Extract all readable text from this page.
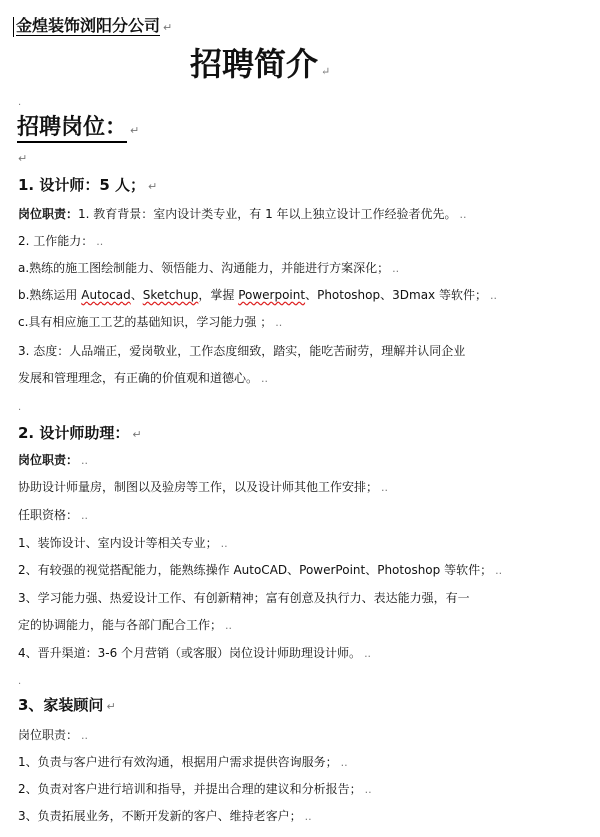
金煌装饰浏阳分公司 ↵
招聘简介 ↵
.
招聘岗位： ↵
↵
1. 设计师：5 人； ↵
岗位职责：1. 教育背景：室内设计类专业，有 1 年以上独立设计工作经验者优先。 ..
2. 工作能力： ..
a.熟练的施工图绘制能力、领悟能力、沟通能力，并能进行方案深化； ..
b.熟练运用 Autocad、Sketchup，掌握 Powerpoint、Photoshop、3Dmax 等软件； ..
c.具有相应施工工艺的基础知识，学习能力强 ； ..
3. 态度：人品端正，爱岗敬业，工作态度细致，踏实，能吃苦耐劳，理解并认同企业
发展和管理理念，有正确的价值观和道德心。 ..
.
2. 设计师助理： ↵
岗位职责： ..
协助设计师量房，制图以及验房等工作，以及设计师其他工作安排； ..
任职资格： ..
1、装饰设计、室内设计等相关专业； ..
2、有较强的视觉搭配能力，能熟练操作 AutoCAD、PowerPoint、Photoshop 等软件； ..
3、学习能力强、热爱设计工作、有创新精神；富有创意及执行力、表达能力强，有一
定的协调能力，能与各部门配合工作； ..
4、晋升渠道：3-6 个月营销（或客服）岗位设计师助理设计师。 ..
.
3、家装顾问 ↵
岗位职责： ..
1、负责与客户进行有效沟通，根据用户需求提供咨询服务； ..
2、负责对客户进行培训和指导，并提出合理的建议和分析报告； ..
3、负责拓展业务，不断开发新的客户、维持老客户； ..
